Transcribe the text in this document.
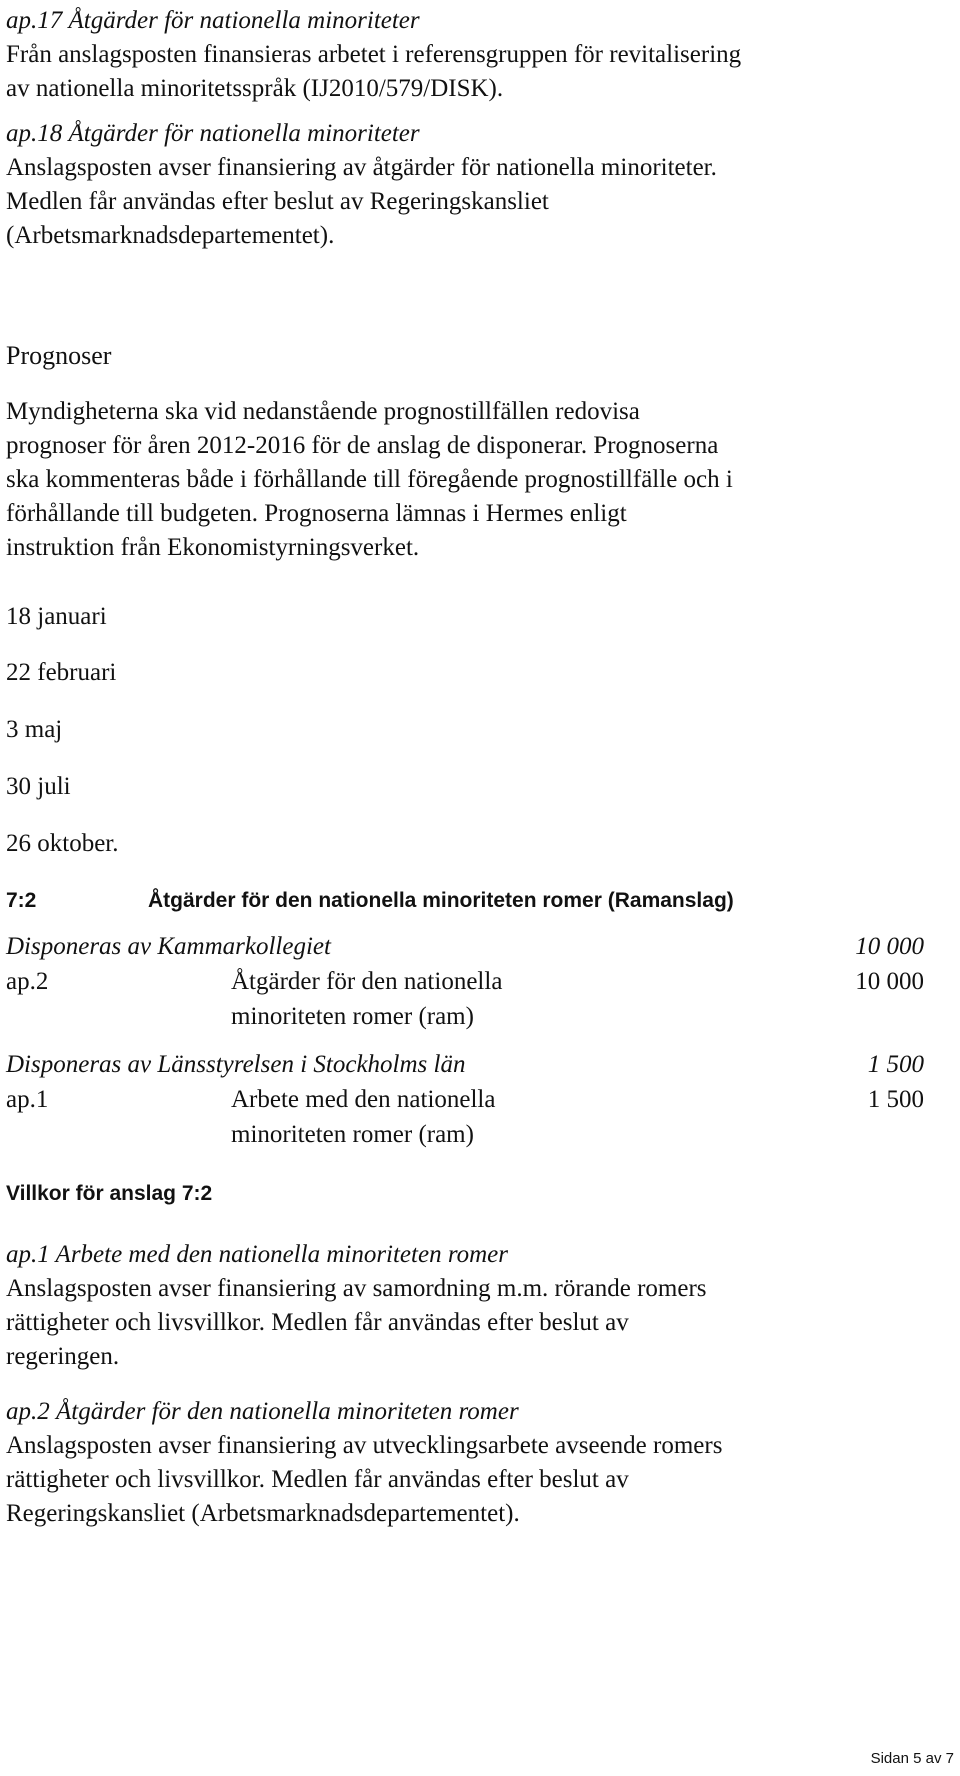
ap.17 Åtgärder för nationella minoriteter
Från anslagsposten finansieras arbetet i referensgruppen för revitalisering
av nationella minoritetsspråk (IJ2010/579/DISK).
ap.18 Åtgärder för nationella minoriteter
Anslagsposten avser finansiering av åtgärder för nationella minoriteter.
Medlen får användas efter beslut av Regeringskansliet
(Arbetsmarknadsdepartementet).
Prognoser
Myndigheterna ska vid nedanstående prognostillfällen redovisa
prognoser för åren 2012-2016 för de anslag de disponerar. Prognoserna
ska kommenteras både i förhållande till föregående prognostillfälle och i
förhållande till budgeten. Prognoserna lämnas i Hermes enligt
instruktion från Ekonomistyrningsverket.
18 januari
22 februari
3 maj
30 juli
26 oktober.
7:2	Åtgärder för den nationella minoriteten romer (Ramanslag)
Disponeras av Kammarkollegiet	10 000
ap.2	Åtgärder för den nationella	10 000
minoriteten romer (ram)
Disponeras av Länsstyrelsen i Stockholms län	1 500
ap.1	Arbete med den nationella	1 500
minoriteten romer (ram)
Villkor för anslag 7:2
ap.1 Arbete med den nationella minoriteten romer
Anslagsposten avser finansiering av samordning m.m. rörande romers
rättigheter och livsvillkor. Medlen får användas efter beslut av
regeringen.
ap.2 Åtgärder för den nationella minoriteten romer
Anslagsposten avser finansiering av utvecklingsarbete avseende romers
rättigheter och livsvillkor. Medlen får användas efter beslut av
Regeringskansliet (Arbetsmarknadsdepartementet).
Sidan 5 av 7
